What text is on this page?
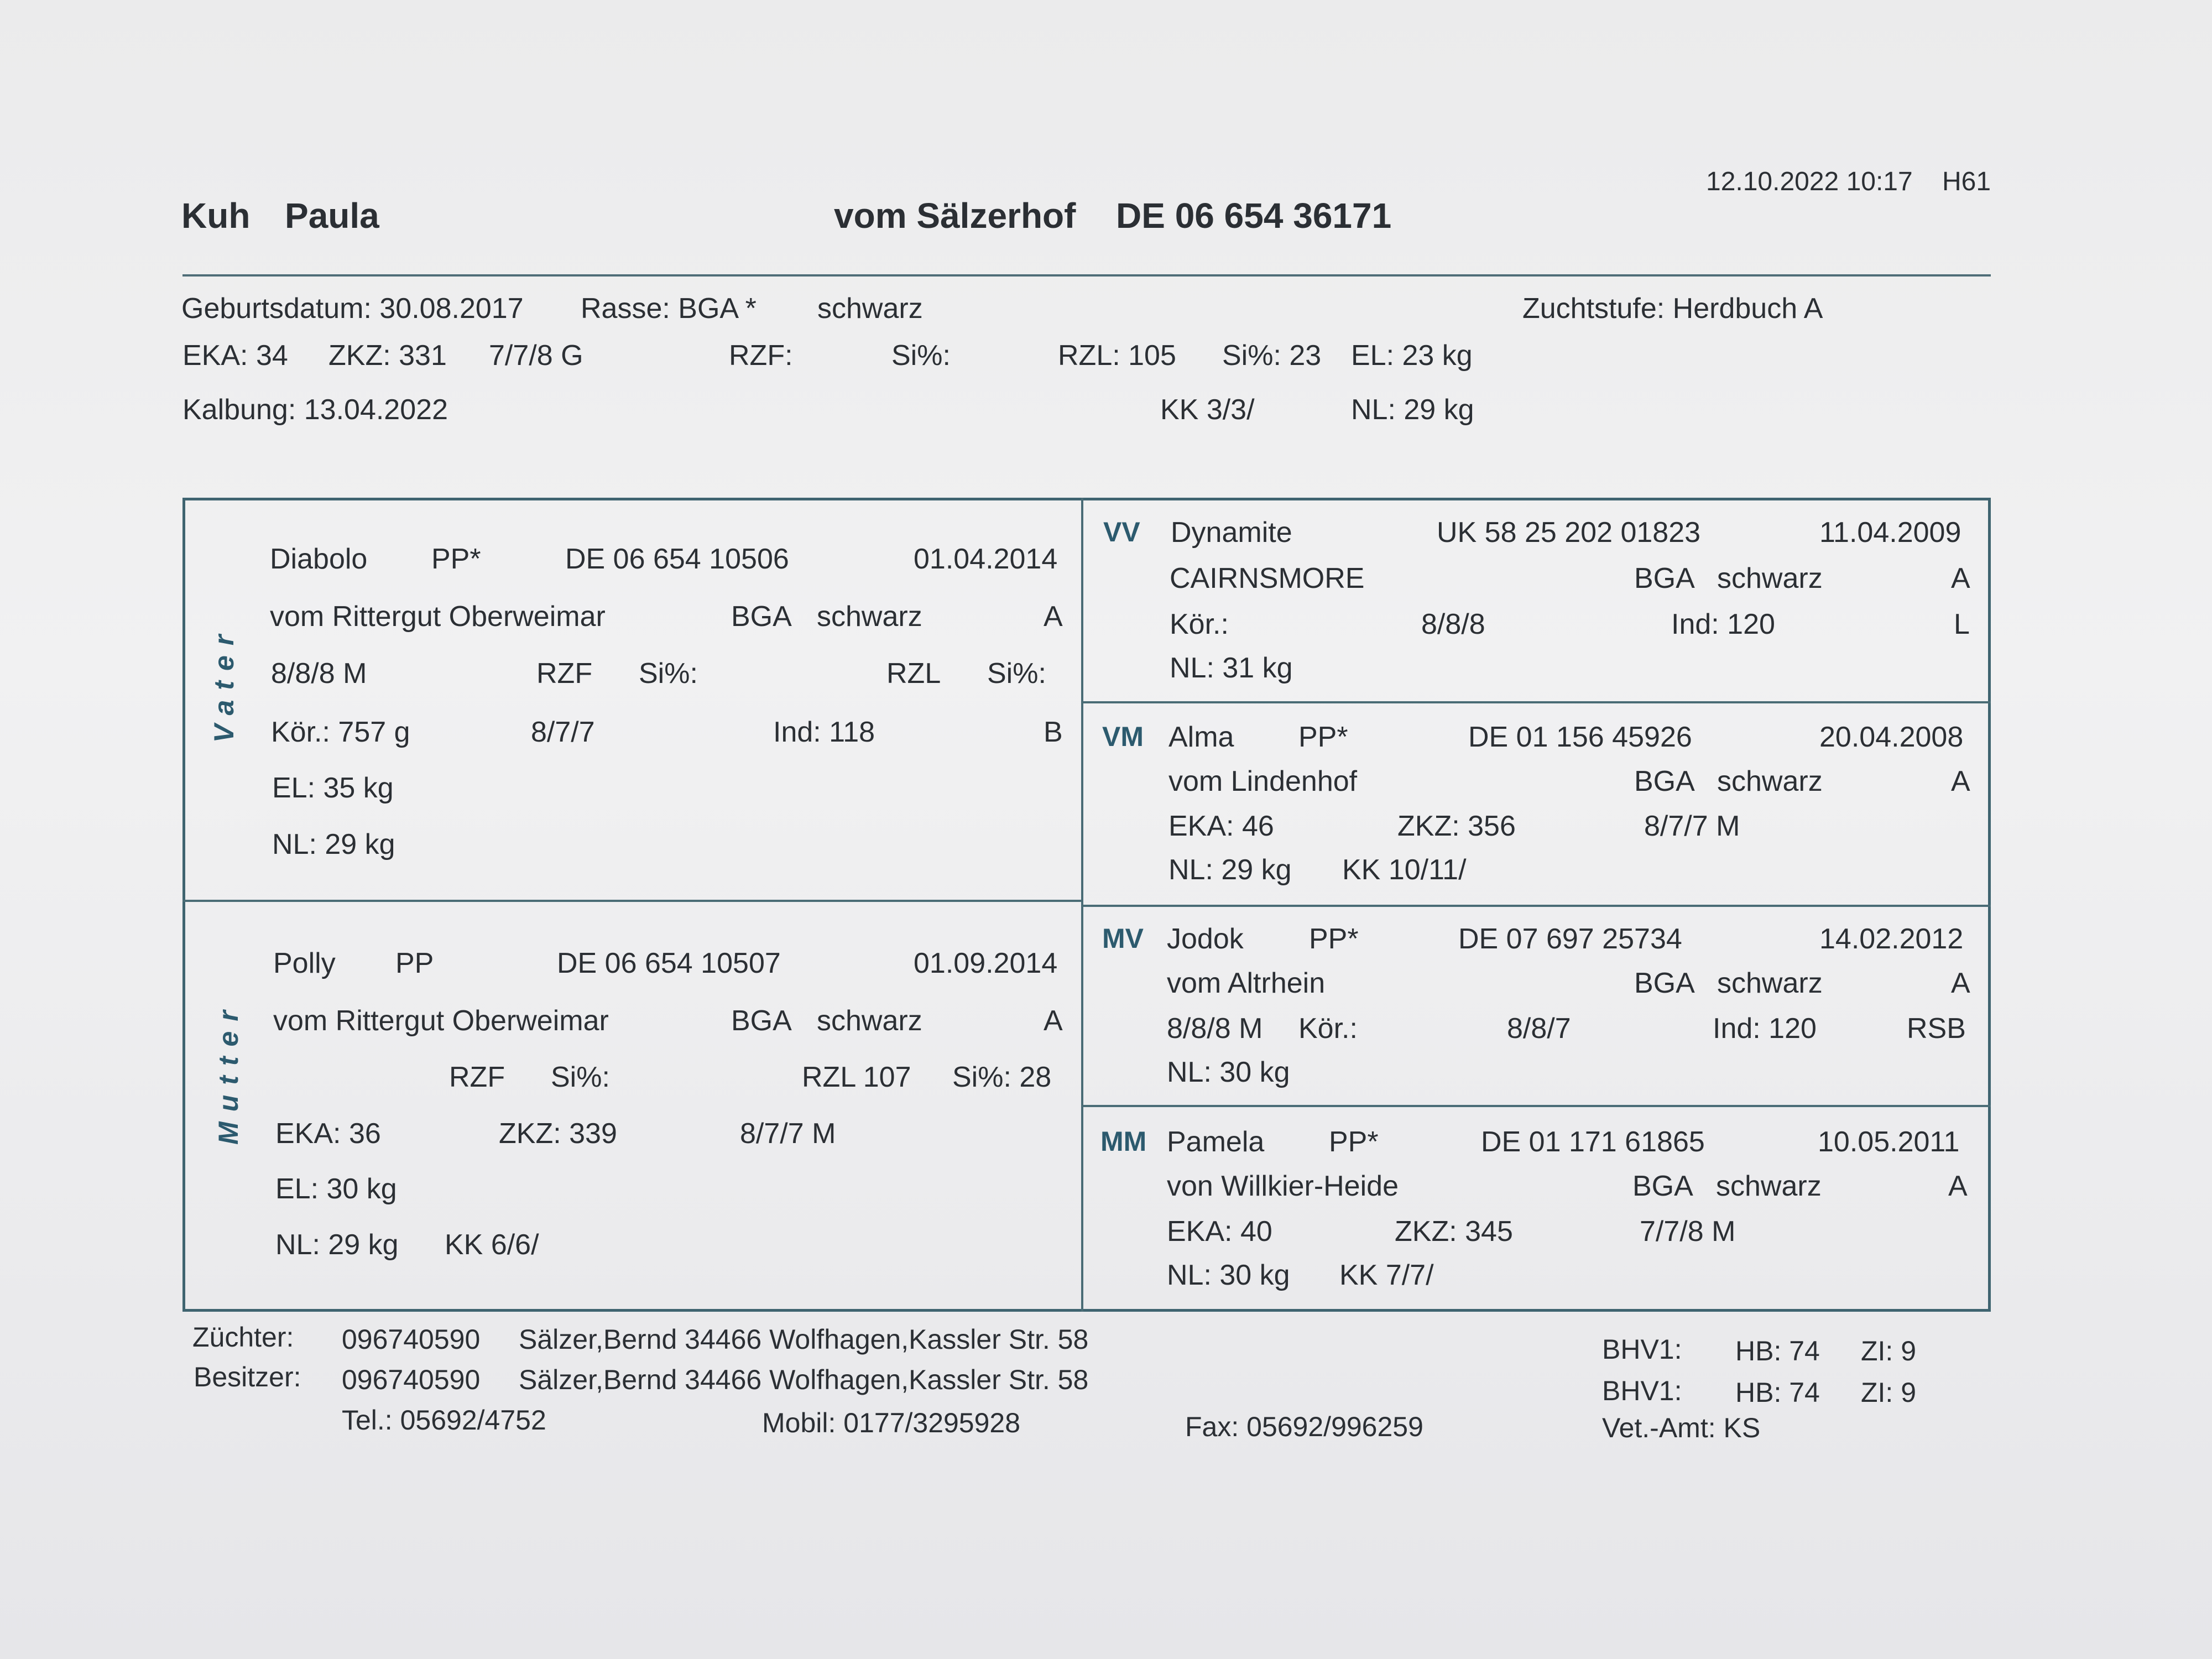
12.10.2022 10:17 H61
Kuh Paula	vom Sälzerhof DE 06 654 36171
Geburtsdatum: 30.08.2017 Rasse: BGA * schwarz	Zuchtstufe: Herdbuch A
EKA: 34 ZKZ: 331 7/7/8 G	RZF:	Si%:	RZL: 105 Si%: 23 EL: 23 kg
Kalbung: 13.04.2022	KK 3/3/	NL: 29 kg
Vater
Diabolo PP*	DE 06 654 10506	01.04.2014
vom Rittergut Oberweimar	BGA schwarz	A
8/8/8 M	RZF Si%:	RZL Si%:
Kör.: 757 g	8/7/7	Ind: 118	B
EL: 35 kg
NL: 29 kg
Mutter
Polly PP	DE 06 654 10507	01.09.2014
vom Rittergut Oberweimar	BGA schwarz	A
RZF Si%:	RZL 107 Si%: 28
EKA: 36	ZKZ: 339	8/7/7 M
EL: 30 kg
NL: 29 kg KK 6/6/
VV Dynamite	UK 58 25 202 01823	11.04.2009
CAIRNSMORE	BGA schwarz	A
Kör.:	8/8/8	Ind: 120	L
NL: 31 kg
VM Alma PP*	DE 01 156 45926	20.04.2008
vom Lindenhof	BGA schwarz	A
EKA: 46	ZKZ: 356	8/7/7 M
NL: 29 kg KK 10/11/
MV Jodok PP*	DE 07 697 25734	14.02.2012
vom Altrhein	BGA schwarz	A
8/8/8 M Kör.:	8/8/7	Ind: 120	RSB
NL: 30 kg
MM Pamela PP*	DE 01 171 61865	10.05.2011
von Willkier-Heide	BGA schwarz	A
EKA: 40	ZKZ: 345	7/7/8 M
NL: 30 kg KK 7/7/
Züchter: 096740590 Sälzer,Bernd 34466 Wolfhagen,Kassler Str. 58
Besitzer: 096740590 Sälzer,Bernd 34466 Wolfhagen,Kassler Str. 58
Tel.: 05692/4752	Mobil: 0177/3295928	Fax: 05692/996259
BHV1: HB: 74 ZI: 9
BHV1: HB: 74 ZI: 9
Vet.-Amt: KS
